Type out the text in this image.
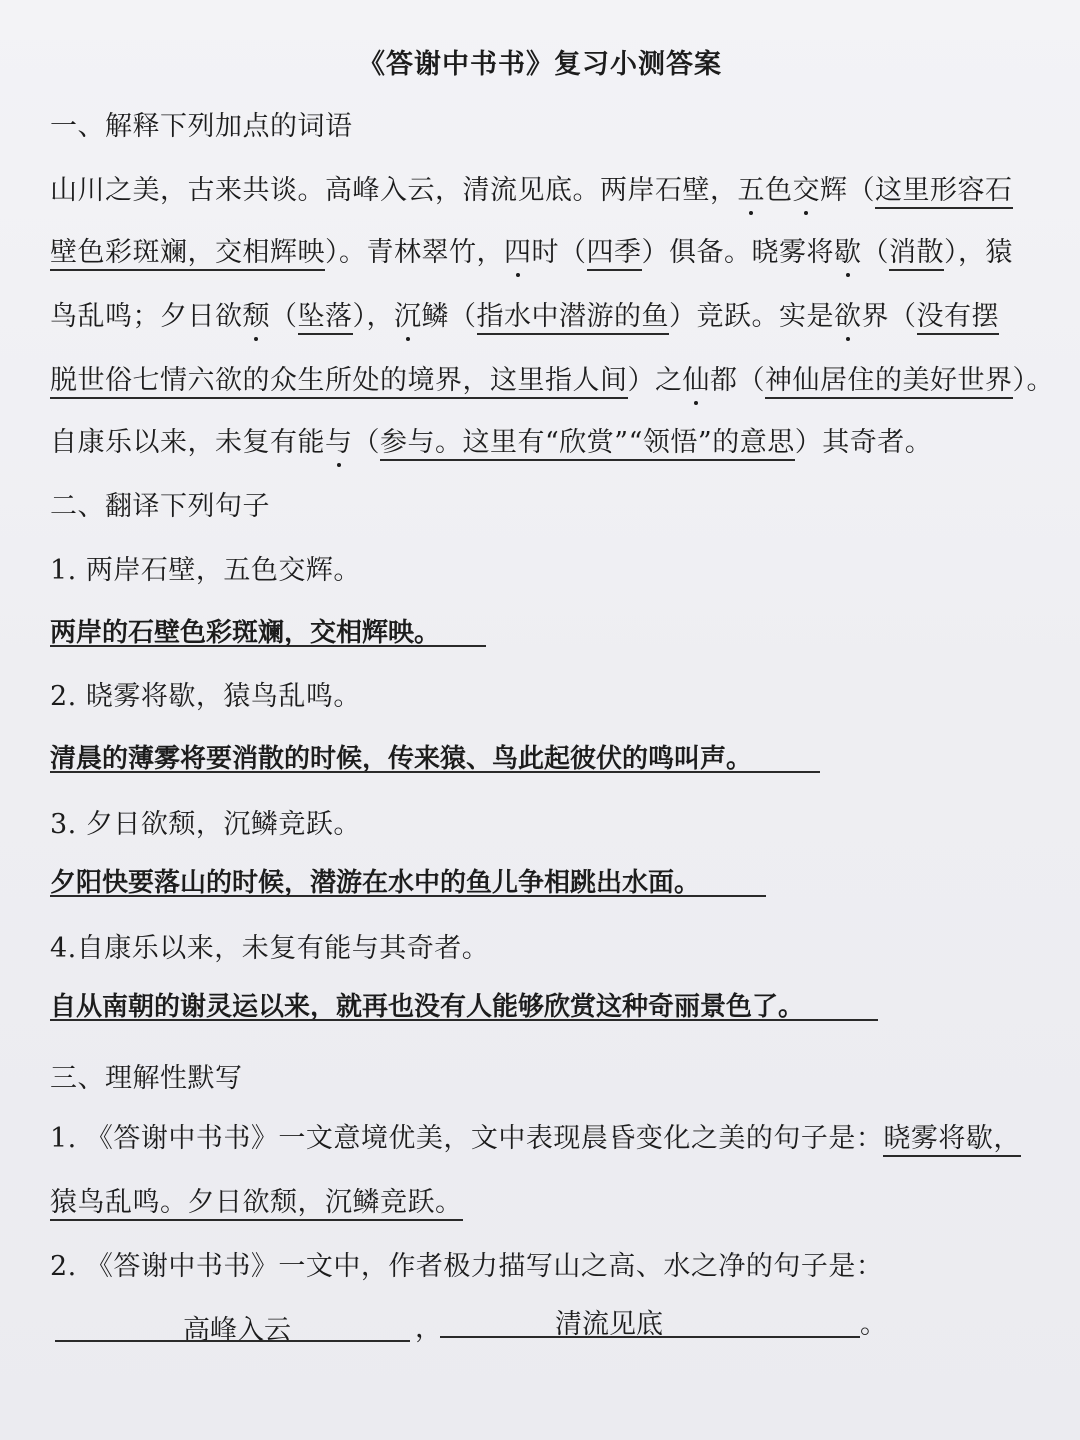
《答谢中书书》复习小测答案
一、解释下列加点的词语
山川之美，古来共谈。高峰入云，清流见底。两岸石壁，五色交辉（这里形容石
壁色彩斑斓，交相辉映）。青林翠竹，四时（四季）俱备。晓雾将歇（消散），猿
鸟乱鸣；夕日欲颓（坠落），沉鳞（指水中潜游的鱼）竞跃。实是欲界（没有摆
脱世俗七情六欲的众生所处的境界，这里指人间）之仙都（神仙居住的美好世界）。
自康乐以来，未复有能与（参与。这里有“欣赏”“领悟”的意思）其奇者。
二、翻译下列句子
1. 两岸石壁，五色交辉。
两岸的石壁色彩斑斓，交相辉映。
2. 晓雾将歇，猿鸟乱鸣。
清晨的薄雾将要消散的时候，传来猿、鸟此起彼伏的鸣叫声。
3. 夕日欲颓，沉鳞竞跃。
夕阳快要落山的时候，潜游在水中的鱼儿争相跳出水面。
4.自康乐以来，未复有能与其奇者。
自从南朝的谢灵运以来，就再也没有人能够欣赏这种奇丽景色了。
三、理解性默写
1. 《答谢中书书》一文意境优美，文中表现晨昏变化之美的句子是：晓雾将歇，
猿鸟乱鸣。夕日欲颓，沉鳞竞跃。
2. 《答谢中书书》一文中，作者极力描写山之高、水之净的句子是：
高峰入云	，	清流见底	。
